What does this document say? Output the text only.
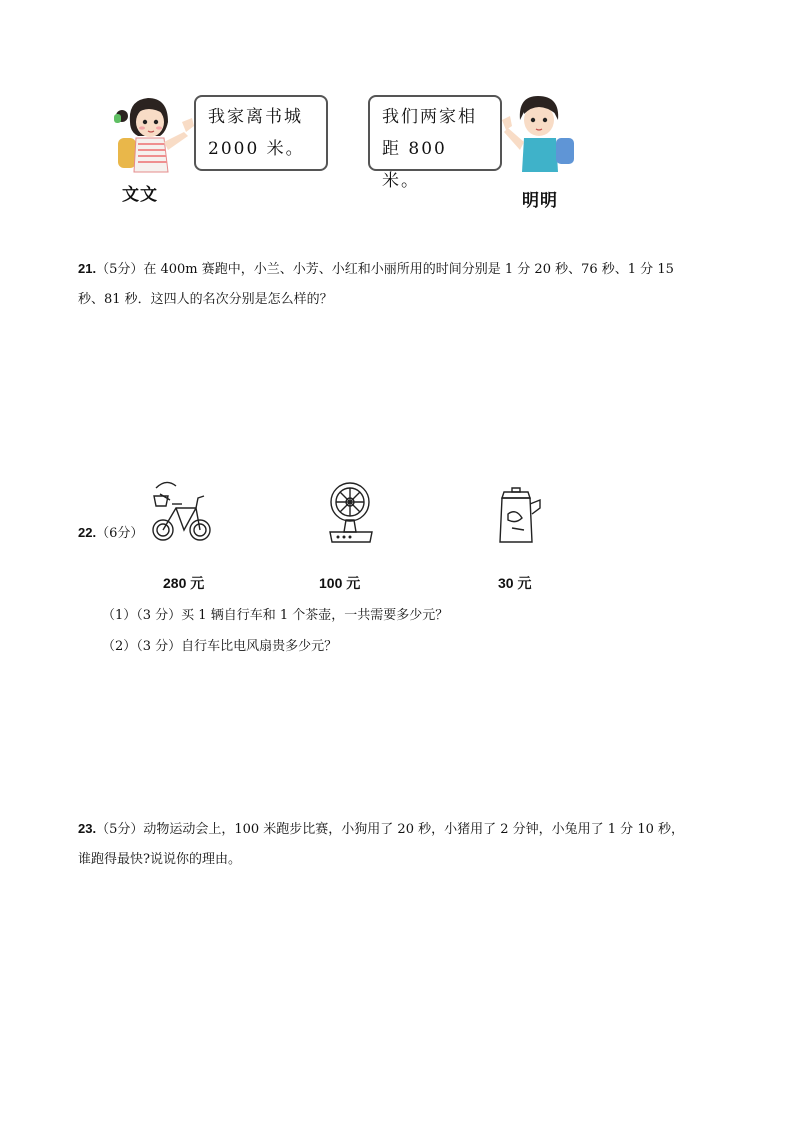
我家离书城
2000 米。
文文
我们两家相
距 800 米。
明明
21.（5分）在 400m 赛跑中，小兰、小芳、小红和小丽所用的时间分别是 1 分 20 秒、76 秒、1 分 15
秒、81 秒．这四人的名次分别是怎么样的？
22.（6分）
280 元	100 元	30 元
（1）（3 分）买 1 辆自行车和 1 个茶壶，一共需要多少元？
（2）（3 分）自行车比电风扇贵多少元？
23.（5分）动物运动会上，100 米跑步比赛，小狗用了 20 秒，小猪用了 2 分钟，小兔用了 1 分 10 秒，
谁跑得最快?说说你的理由。
